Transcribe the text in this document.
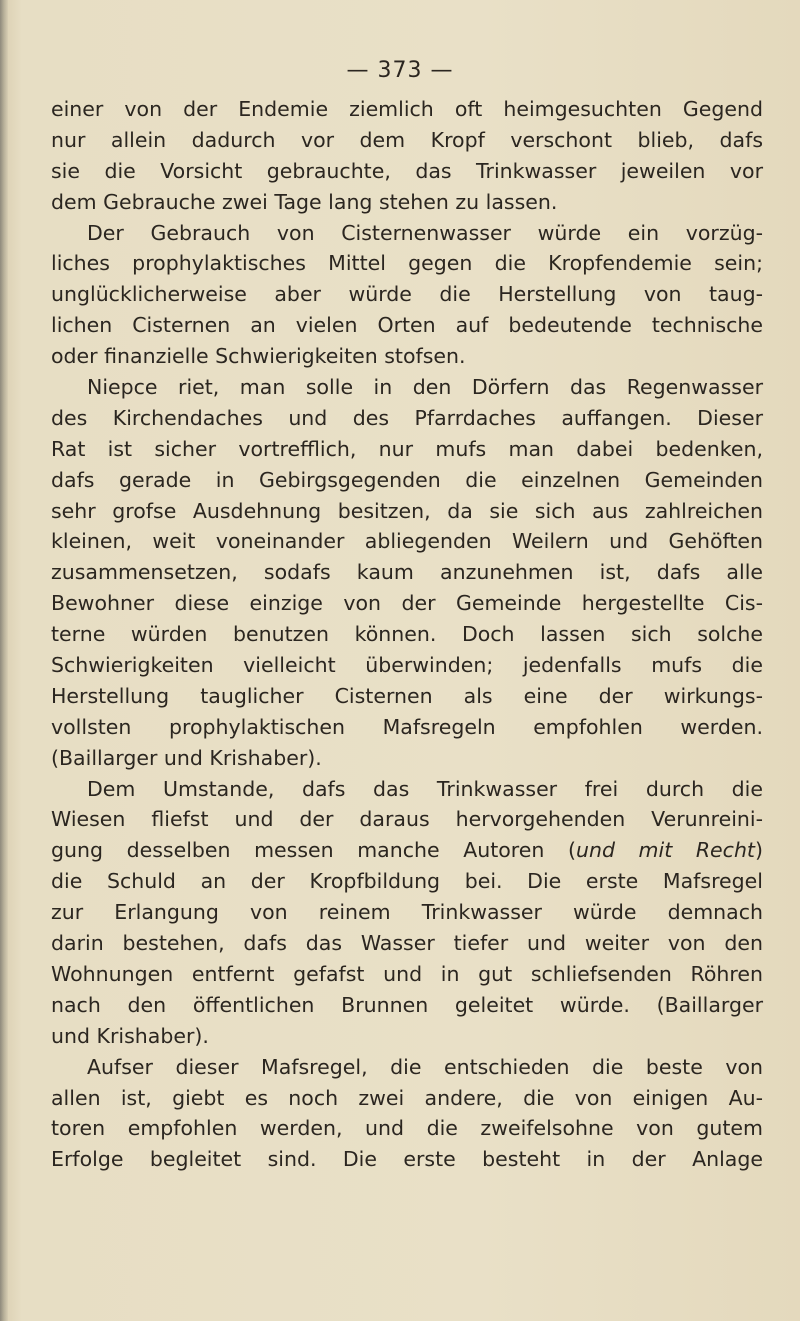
— 373 —
einer von der Endemie ziemlich oft heimgesuchten Gegend
nur allein dadurch vor dem Kropf verschont blieb, dafs
sie die Vorsicht gebrauchte, das Trinkwasser jeweilen vor
dem Gebrauche zwei Tage lang stehen zu lassen.
Der Gebrauch von Cisternenwasser würde ein vorzüg-
liches prophylaktisches Mittel gegen die Kropfendemie sein;
unglücklicherweise aber würde die Herstellung von taug-
lichen Cisternen an vielen Orten auf bedeutende technische
oder finanzielle Schwierigkeiten stofsen.
Niepce riet, man solle in den Dörfern das Regenwasser
des Kirchendaches und des Pfarrdaches auffangen. Dieser
Rat ist sicher vortrefflich, nur mufs man dabei bedenken,
dafs gerade in Gebirgsgegenden die einzelnen Gemeinden
sehr grofse Ausdehnung besitzen, da sie sich aus zahlreichen
kleinen, weit voneinander abliegenden Weilern und Gehöften
zusammensetzen, sodafs kaum anzunehmen ist, dafs alle
Bewohner diese einzige von der Gemeinde hergestellte Cis-
terne würden benutzen können. Doch lassen sich solche
Schwierigkeiten vielleicht überwinden; jedenfalls mufs die
Herstellung tauglicher Cisternen als eine der wirkungs-
vollsten prophylaktischen Mafsregeln empfohlen werden.
(Baillarger und Krishaber).
Dem Umstande, dafs das Trinkwasser frei durch die
Wiesen fliefst und der daraus hervorgehenden Verunreini-
gung desselben messen manche Autoren (und mit Recht)
die Schuld an der Kropfbildung bei. Die erste Mafsregel
zur Erlangung von reinem Trinkwasser würde demnach
darin bestehen, dafs das Wasser tiefer und weiter von den
Wohnungen entfernt gefafst und in gut schliefsenden Röhren
nach den öffentlichen Brunnen geleitet würde. (Baillarger
und Krishaber).
Aufser dieser Mafsregel, die entschieden die beste von
allen ist, giebt es noch zwei andere, die von einigen Au-
toren empfohlen werden, und die zweifelsohne von gutem
Erfolge begleitet sind. Die erste besteht in der Anlage
